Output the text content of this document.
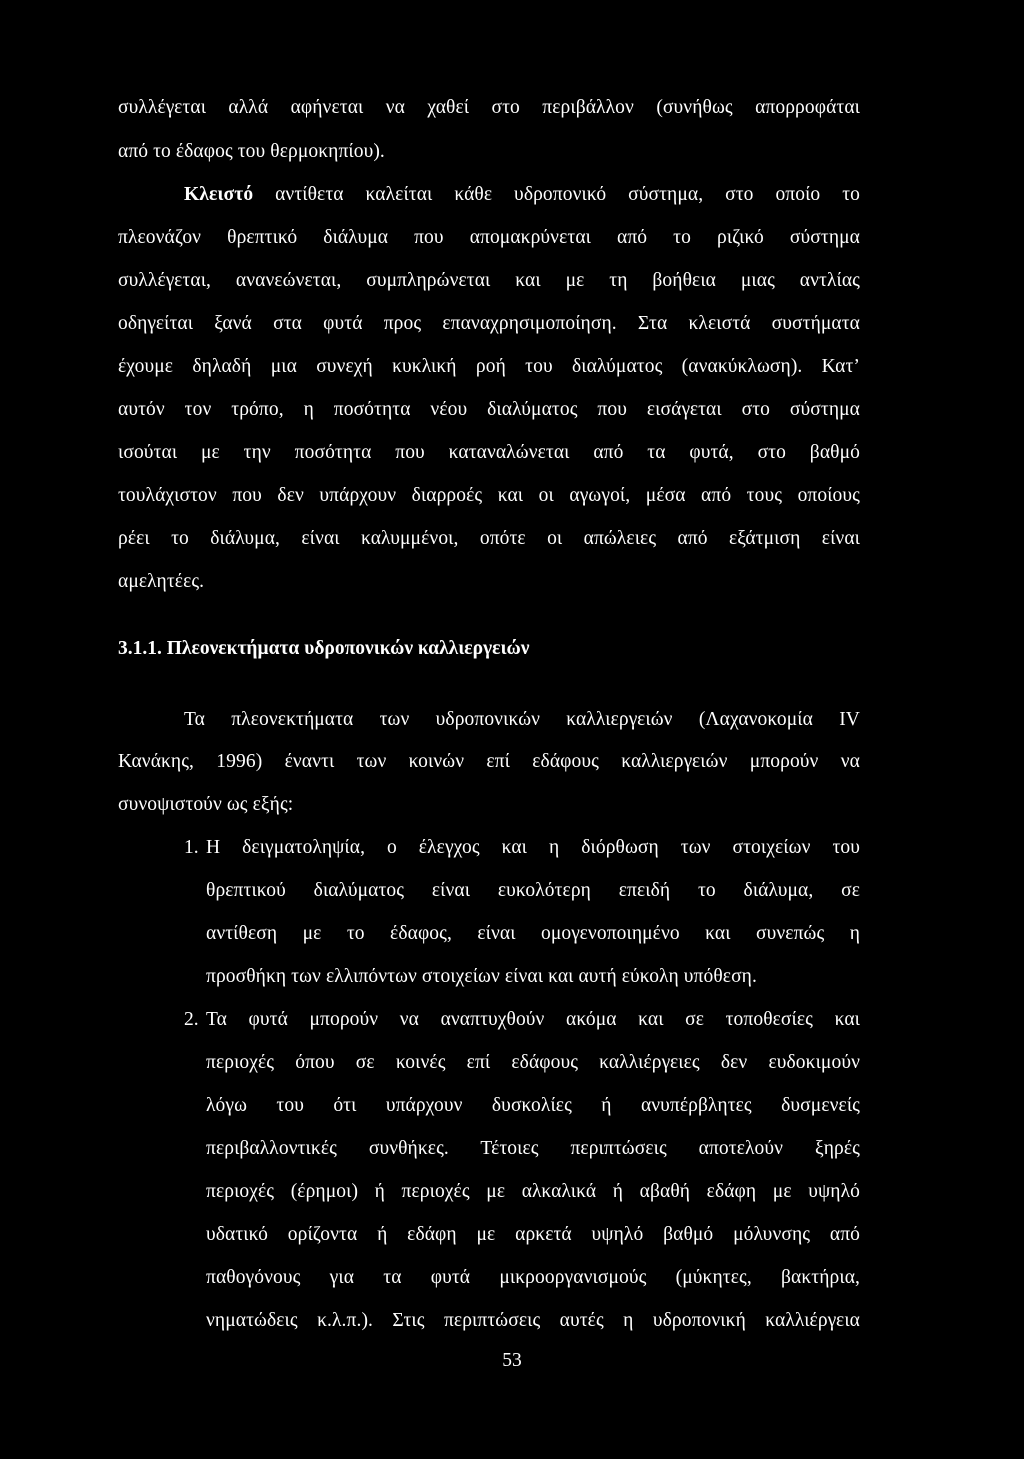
συλλέγεται αλλά αφήνεται να χαθεί στο περιβάλλον (συνήθως απορροφάται
από το έδαφος του θερμοκηπίου).
Κλειστό αντίθετα καλείται κάθε υδροπονικό σύστημα, στο οποίο το
πλεονάζον θρεπτικό διάλυμα που απομακρύνεται από το ριζικό σύστημα
συλλέγεται, ανανεώνεται, συμπληρώνεται και με τη βοήθεια μιας αντλίας
οδηγείται ξανά στα φυτά προς επαναχρησιμοποίηση. Στα κλειστά συστήματα
έχουμε δηλαδή μια συνεχή κυκλική ροή του διαλύματος (ανακύκλωση). Κατ’
αυτόν τον τρόπο, η ποσότητα νέου διαλύματος που εισάγεται στο σύστημα
ισούται με την ποσότητα που καταναλώνεται από τα φυτά, στο βαθμό
τουλάχιστον που δεν υπάρχουν διαρροές και οι αγωγοί, μέσα από τους οποίους
ρέει το διάλυμα, είναι καλυμμένοι, οπότε οι απώλειες από εξάτμιση είναι
αμελητέες.
3.1.1. Πλεονεκτήματα υδροπονικών καλλιεργειών
Τα πλεονεκτήματα των υδροπονικών καλλιεργειών (Λαχανοκομία IV
Κανάκης, 1996) έναντι των κοινών επί εδάφους καλλιεργειών μπορούν να
συνοψιστούν ως εξής:
1. Η δειγματοληψία, ο έλεγχος και η διόρθωση των στοιχείων του
θρεπτικού διαλύματος είναι ευκολότερη επειδή το διάλυμα, σε
αντίθεση με το έδαφος, είναι ομογενοποιημένο και συνεπώς η
προσθήκη των ελλιπόντων στοιχείων είναι και αυτή εύκολη υπόθεση.
2. Τα φυτά μπορούν να αναπτυχθούν ακόμα και σε τοποθεσίες και
περιοχές όπου σε κοινές επί εδάφους καλλιέργειες δεν ευδοκιμούν
λόγω του ότι υπάρχουν δυσκολίες ή ανυπέρβλητες δυσμενείς
περιβαλλοντικές συνθήκες. Τέτοιες περιπτώσεις αποτελούν ξηρές
περιοχές (έρημοι) ή περιοχές με αλκαλικά ή αβαθή εδάφη με υψηλό
υδατικό ορίζοντα ή εδάφη με αρκετά υψηλό βαθμό μόλυνσης από
παθογόνους για τα φυτά μικροοργανισμούς (μύκητες, βακτήρια,
νηματώδεις κ.λ.π.). Στις περιπτώσεις αυτές η υδροπονική καλλιέργεια
53
